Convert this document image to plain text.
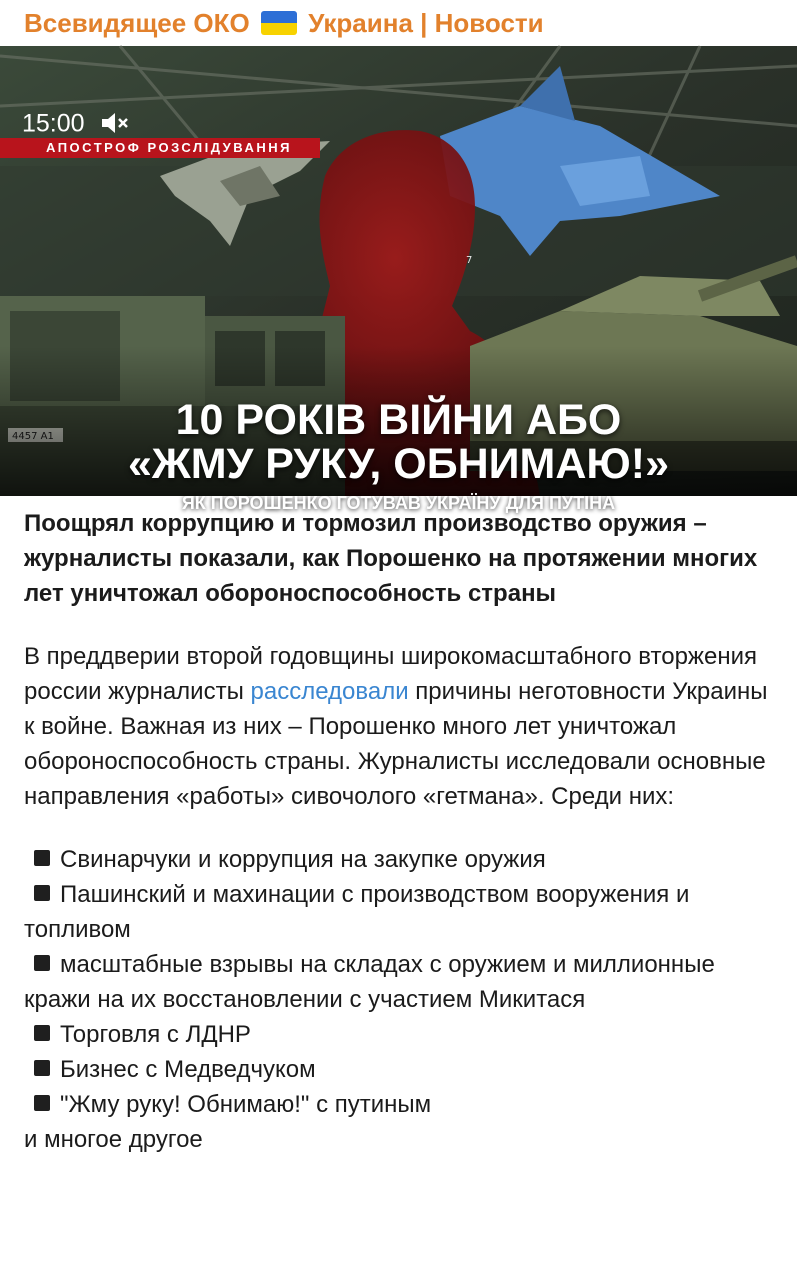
Всевидящее ОКО Украина | Новости
7
15:00
АПОСТРОФ РОЗСЛІДУВАННЯ
10 РОКІВ ВІЙНИ АБО
«ЖМУ РУКУ, ОБНИМАЮ!»
ЯК ПОРОШЕНКО ГОТУВАВ УКРАЇНУ ДЛЯ ПУТІНА

Поощрял коррупцию и тормозил производство оружия – журналисты показали, как Порошенко на протяжении многих лет уничтожал обороноспособность страны

В преддверии второй годовщины широкомасштабного вторжения россии журналисты расследовали причины неготовности Украины к войне. Важная из них – Порошенко много лет уничтожал обороноспособность страны. Журналисты исследовали основные направления «работы» сивочолого «гетмана». Среди них:

Свинарчуки и коррупция на закупке оружия

Пашинский и махинации с производством вооружения и топливом

масштабные взрывы на складах с оружием и миллионные кражи на их восстановлении с участием Микитася

Торговля с ЛДНР

Бизнес с Медведчуком

"Жму руку! Обнимаю!" с путиным

и многое другое
